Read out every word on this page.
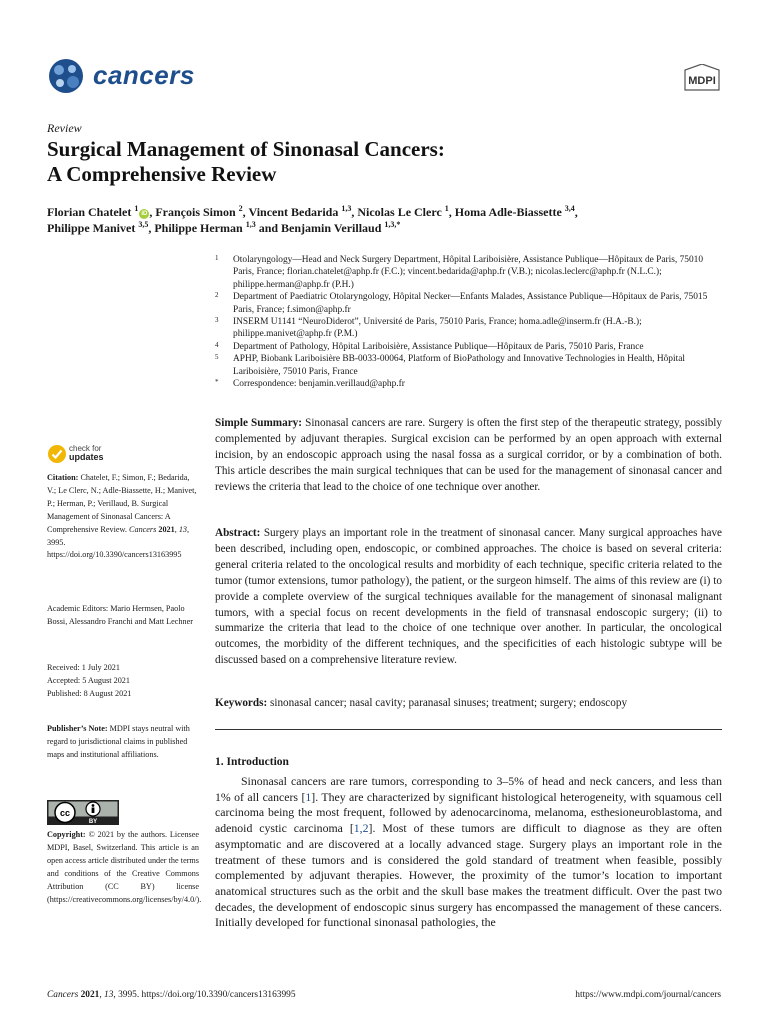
cancers	MDPI
Review
Surgical Management of Sinonasal Cancers:
A Comprehensive Review
Florian Chatelet $^1$iD , François Simon $^2$, Vincent Bedarida $^{1,3}$, Nicolas Le Clerc $^1$, Homa Adle-Biassette $^{3,4}$,
Philippe Manivet $^{3,5}$, Philippe Herman $^{1,3}$ and Benjamin Verillaud $^{1,3,*}$
1 Otolaryngology—Head and Neck Surgery Department, Hôpital Lariboisière, Assistance Publique—Hôpitaux de Paris, 75010 Paris, France; florian.chatelet@aphp.fr (F.C.); vincent.bedarida@aphp.fr (V.B.); nicolas.leclerc@aphp.fr (N.L.C.); philippe.herman@aphp.fr (P.H.)
2 Department of Paediatric Otolaryngology, Hôpital Necker—Enfants Malades, Assistance Publique—Hôpitaux de Paris, 75015 Paris, France; f.simon@aphp.fr
3 INSERM U1141 “NeuroDiderot”, Université de Paris, 75010 Paris, France; homa.adle@inserm.fr (H.A.-B.); philippe.manivet@aphp.fr (P.M.)
4 Department of Pathology, Hôpital Lariboisière, Assistance Publique—Hôpitaux de Paris, 75010 Paris, France
5 APHP, Biobank Lariboisière BB-0033-00064, Platform of BioPathology and Innovative Technologies in Health, Hôpital Lariboisière, 75010 Paris, France
* Correspondence: benjamin.verillaud@aphp.fr
check for
updates
Citation: Chatelet, F.; Simon, F.; Bedarida, V.; Le Clerc, N.; Adle-Biassette, H.; Manivet, P.; Herman, P.; Verillaud, B. Surgical Management of Sinonasal Cancers: A Comprehensive Review. Cancers 2021, 13, 3995. https://doi.org/10.3390/cancers13163995
Academic Editors: Mario Hermsen, Paolo Bossi, Alessandro Franchi and Matt Lechner
Received: 1 July 2021
Accepted: 5 August 2021
Published: 8 August 2021
Publisher’s Note: MDPI stays neutral with regard to jurisdictional claims in published maps and institutional affiliations.
cc
BY
Copyright: © 2021 by the authors. Licensee MDPI, Basel, Switzerland. This article is an open access article distributed under the terms and conditions of the Creative Commons Attribution (CC BY) license (https://creativecommons.org/licenses/by/4.0/).
Simple Summary: Sinonasal cancers are rare. Surgery is often the first step of the therapeutic strategy, possibly complemented by adjuvant therapies. Surgical excision can be performed by an open approach with external incision, by an endoscopic approach using the nasal fossa as a surgical corridor, or by a combination of both. This article describes the main surgical techniques that can be used for the management of sinonasal cancer and reviews the criteria that lead to the choice of one technique over another.
Abstract: Surgery plays an important role in the treatment of sinonasal cancer. Many surgical approaches have been described, including open, endoscopic, or combined approaches. The choice is based on several criteria: general criteria related to the oncological results and morbidity of each technique, specific criteria related to the tumor (tumor extensions, tumor pathology), the patient, or the surgeon himself. The aims of this review are (i) to provide a complete overview of the surgical techniques available for the management of sinonasal malignant tumors, with a special focus on recent developments in the field of transnasal endoscopic surgery; (ii) to summarize the criteria that lead to the choice of one technique over another. In particular, the oncological outcomes, the morbidity of the different techniques, and the specificities of each histologic subtype will be discussed based on a comprehensive literature review.
Keywords: sinonasal cancer; nasal cavity; paranasal sinuses; treatment; surgery; endoscopy
1. Introduction
Sinonasal cancers are rare tumors, corresponding to 3–5% of head and neck cancers, and less than 1% of all cancers [1]. They are characterized by significant histological heterogeneity, with squamous cell carcinoma being the most frequent, followed by adenocarcinoma, melanoma, esthesioneuroblastoma, and adenoid cystic carcinoma [1,2]. Most of these tumors are difficult to diagnose as they are often asymptomatic and are discovered at a locally advanced stage. Surgery plays an important role in the treatment of these tumors and is considered the gold standard of treatment when feasible, possibly complemented by adjuvant therapies. However, the proximity of the tumor’s location to important anatomical structures such as the orbit and the skull base makes the treatment difficult. Over the past two decades, the development of endoscopic sinus surgery has encompassed the management of these cancers. Initially developed for functional sinonasal pathologies, the
Cancers 2021, 13, 3995. https://doi.org/10.3390/cancers13163995	https://www.mdpi.com/journal/cancers
